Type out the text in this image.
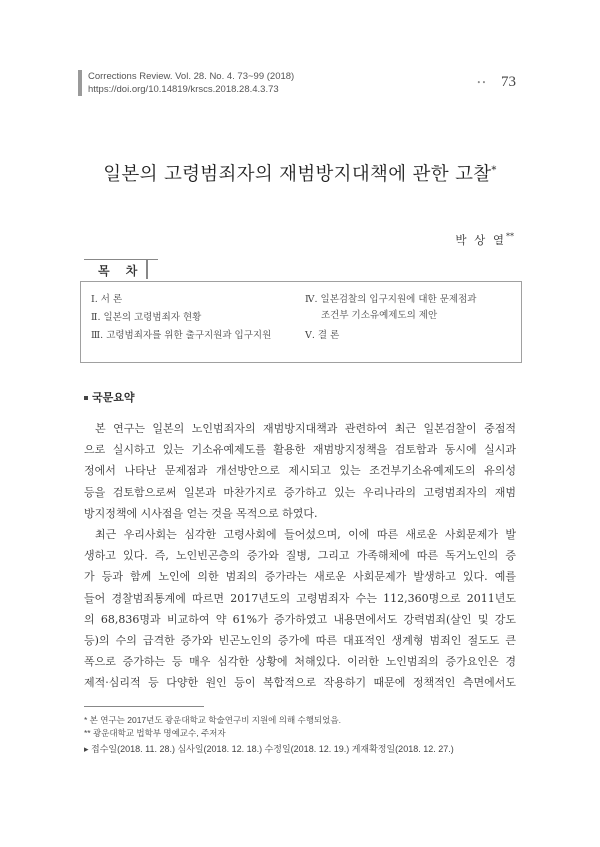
Corrections Review. Vol. 28. No. 4. 73~99 (2018)
https://doi.org/10.14819/krscs.2018.28.4.3.73
•• 73
일본의 고령범죄자의 재범방지대책에 관한 고찰*
박 상 열**
목 차
Ⅰ. 서 론
Ⅱ. 일본의 고령범죄자 현황
Ⅲ. 고령범죄자를 위한 출구지원과 입구지원
Ⅳ. 일본검찰의 입구지원에 대한 문제점과
조건부 기소유예제도의 제안
Ⅴ. 결 론
국문요약
본 연구는 일본의 노인범죄자의 재범방지대책과 관련하여 최근 일본검찰이 중점적
으로 실시하고 있는 기소유예제도를 활용한 재범방지정책을 검토함과 동시에 실시과
정에서 나타난 문제점과 개선방안으로 제시되고 있는 조건부기소유예제도의 유의성
등을 검토함으로써 일본과 마찬가지로 증가하고 있는 우리나라의 고령범죄자의 재범
방지정책에 시사점을 얻는 것을 목적으로 하였다.
최근 우리사회는 심각한 고령사회에 들어섰으며, 이에 따른 새로운 사회문제가 발
생하고 있다. 즉, 노인빈곤층의 증가와 질병, 그리고 가족해체에 따른 독거노인의 증
가 등과 함께 노인에 의한 범죄의 증가라는 새로운 사회문제가 발생하고 있다. 예를
들어 경찰범죄통계에 따르면 2017년도의 고령범죄자 수는 112,360명으로 2011년도
의 68,836명과 비교하여 약 61%가 증가하였고 내용면에서도 강력범죄(살인 및 강도
등)의 수의 급격한 증가와 빈곤노인의 증가에 따른 대표적인 생계형 범죄인 절도도 큰
폭으로 증가하는 등 매우 심각한 상황에 처해있다. 이러한 노인범죄의 증가요인은 경
제적·심리적 등 다양한 원인 등이 복합적으로 작용하기 때문에 정책적인 측면에서도
* 본 연구는 2017년도 광운대학교 학술연구비 지원에 의해 수행되었음.
** 광운대학교 법학부 명예교수, 주저자
▸ 접수일(2018. 11. 28.) 심사일(2018. 12. 18.) 수정일(2018. 12. 19.) 게재확정일(2018. 12. 27.)
